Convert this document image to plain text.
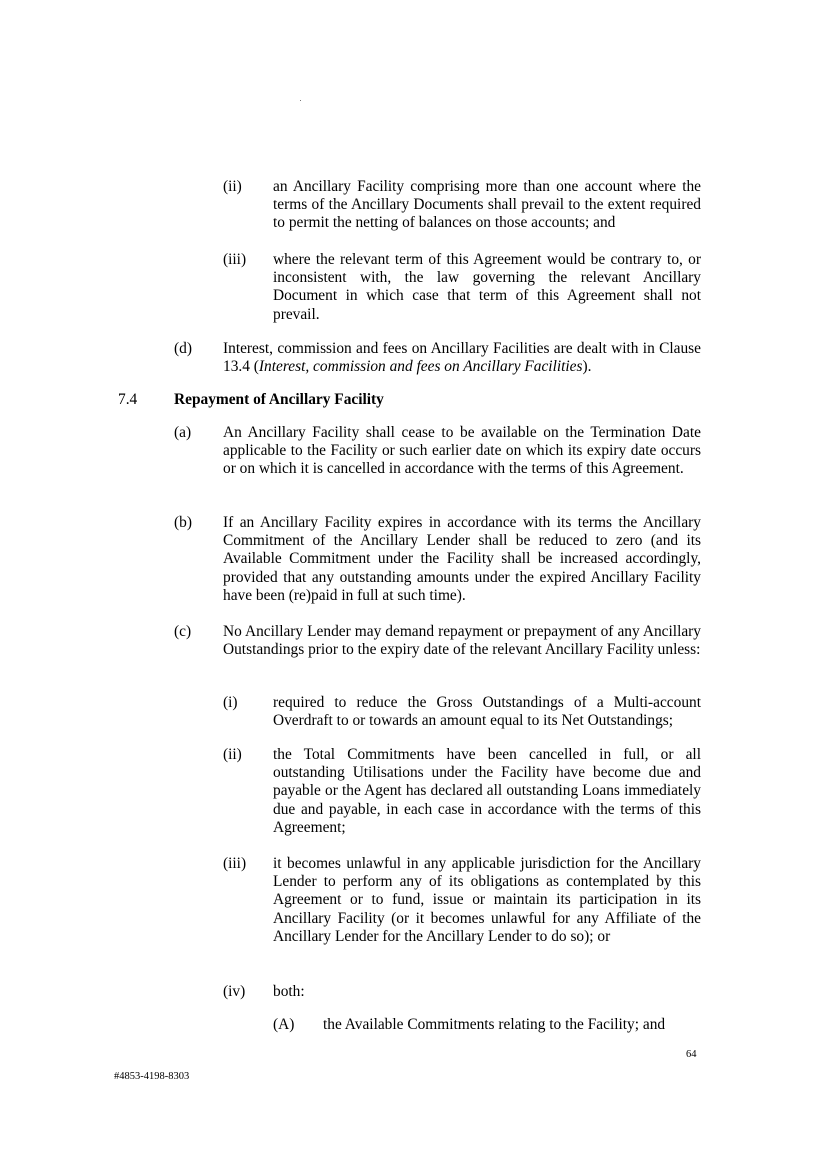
(ii) an Ancillary Facility comprising more than one account where the terms of the Ancillary Documents shall prevail to the extent required to permit the netting of balances on those accounts; and
(iii) where the relevant term of this Agreement would be contrary to, or inconsistent with, the law governing the relevant Ancillary Document in which case that term of this Agreement shall not prevail.
(d) Interest, commission and fees on Ancillary Facilities are dealt with in Clause 13.4 (Interest, commission and fees on Ancillary Facilities).
7.4 Repayment of Ancillary Facility
(a) An Ancillary Facility shall cease to be available on the Termination Date applicable to the Facility or such earlier date on which its expiry date occurs or on which it is cancelled in accordance with the terms of this Agreement.
(b) If an Ancillary Facility expires in accordance with its terms the Ancillary Commitment of the Ancillary Lender shall be reduced to zero (and its Available Commitment under the Facility shall be increased accordingly, provided that any outstanding amounts under the expired Ancillary Facility have been (re)paid in full at such time).
(c) No Ancillary Lender may demand repayment or prepayment of any Ancillary Outstandings prior to the expiry date of the relevant Ancillary Facility unless:
(i) required to reduce the Gross Outstandings of a Multi-account Overdraft to or towards an amount equal to its Net Outstandings;
(ii) the Total Commitments have been cancelled in full, or all outstanding Utilisations under the Facility have become due and payable or the Agent has declared all outstanding Loans immediately due and payable, in each case in accordance with the terms of this Agreement;
(iii) it becomes unlawful in any applicable jurisdiction for the Ancillary Lender to perform any of its obligations as contemplated by this Agreement or to fund, issue or maintain its participation in its Ancillary Facility (or it becomes unlawful for any Affiliate of the Ancillary Lender for the Ancillary Lender to do so); or
(iv) both:
(A) the Available Commitments relating to the Facility; and
64
#4853-4198-8303
